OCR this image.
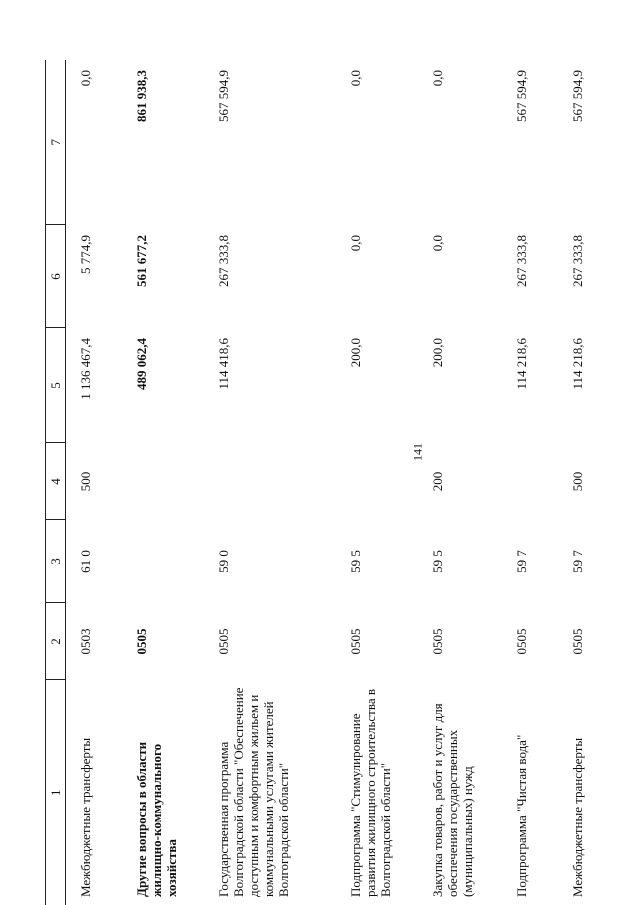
141
1	2	3	4	5	6	7
Межбюджетные трансферты	0503	61 0	500	1 136 467,4	5 774,9	0,0
Другие вопросы в области жилищно-коммунального хозяйства	0505			489 062,4	561 677,2	861 938,3
Государственная программа Волгоградской области "Обеспечение доступным и комфортным жильем и коммунальными услугами жителей Волгоградской области"	0505	59 0		114 418,6	267 333,8	567 594,9
Подпрограмма "Стимулирование развития жилищного строительства в Волгоградской области"	0505	59 5		200,0	0,0	0,0
Закупка товаров, работ и услуг для обеспечения государственных (муниципальных) нужд	0505	59 5	200	200,0	0,0	0,0
Подпрограмма "Чистая вода"	0505	59 7		114 218,6	267 333,8	567 594,9
Межбюджетные трансферты	0505	59 7	500	114 218,6	267 333,8	567 594,9
